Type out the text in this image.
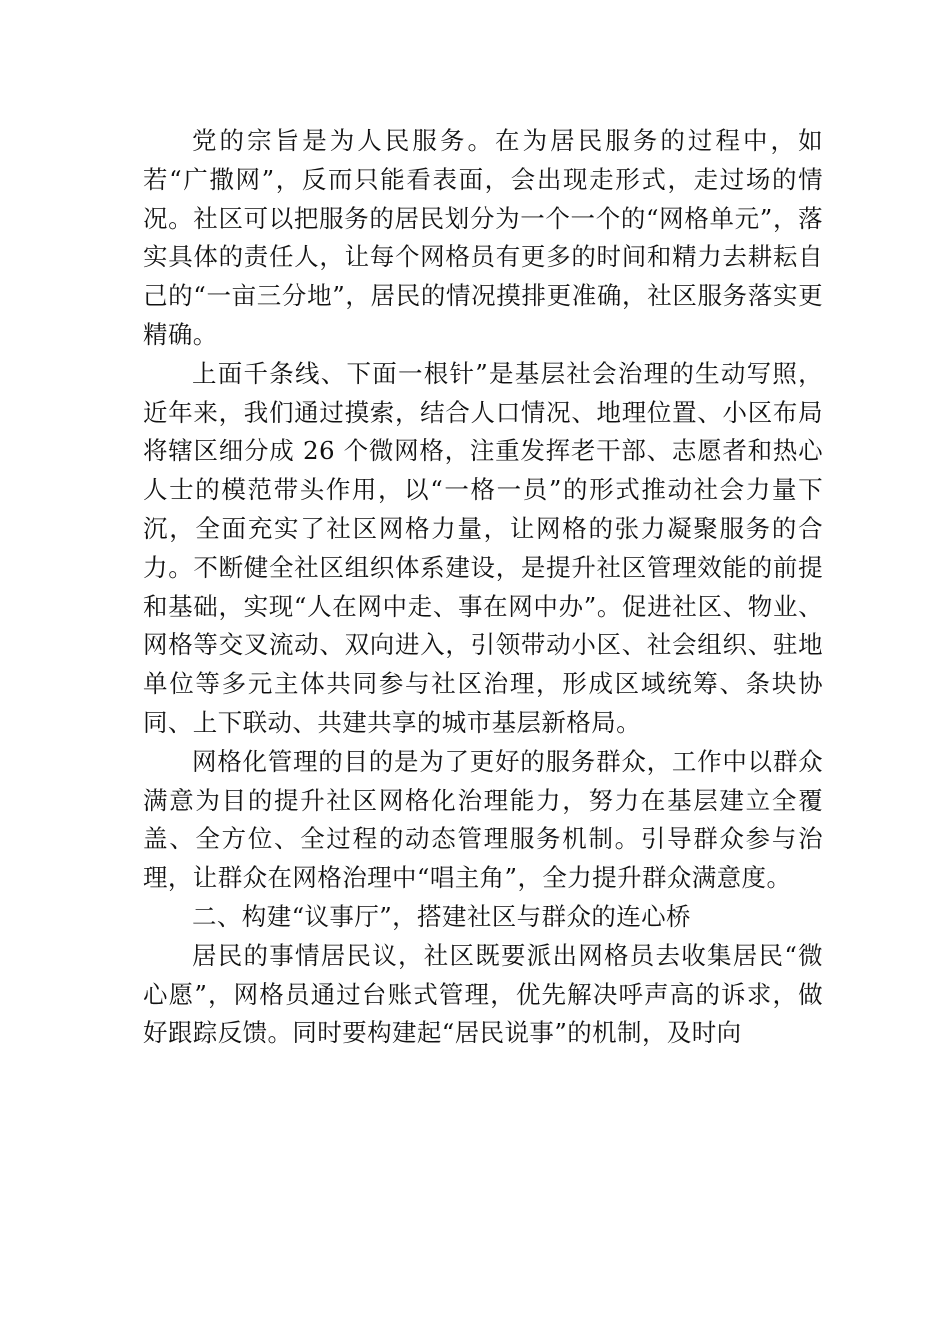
党的宗旨是为人民服务。在为居民服务的过程中，如若“广撒网”，反而只能看表面，会出现走形式，走过场的情况。社区可以把服务的居民划分为一个一个的“网格单元”，落实具体的责任人，让每个网格员有更多的时间和精力去耕耘自己的“一亩三分地”，居民的情况摸排更准确，社区服务落实更精确。

上面千条线、下面一根针”是基层社会治理的生动写照，近年来，我们通过摸索，结合人口情况、地理位置、小区布局将辖区细分成 26 个微网格，注重发挥老干部、志愿者和热心人士的模范带头作用，以“一格一员”的形式推动社会力量下沉，全面充实了社区网格力量，让网格的张力凝聚服务的合力。不断健全社区组织体系建设，是提升社区管理效能的前提和基础，实现“人在网中走、事在网中办”。促进社区、物业、网格等交叉流动、双向进入，引领带动小区、社会组织、驻地单位等多元主体共同参与社区治理，形成区域统筹、条块协同、上下联动、共建共享的城市基层新格局。

网格化管理的目的是为了更好的服务群众，工作中以群众满意为目的提升社区网格化治理能力，努力在基层建立全覆盖、全方位、全过程的动态管理服务机制。引导群众参与治理，让群众在网格治理中“唱主角”，全力提升群众满意度。

二、构建“议事厅”，搭建社区与群众的连心桥

居民的事情居民议，社区既要派出网格员去收集居民“微心愿”，网格员通过台账式管理，优先解决呼声高的诉求，做好跟踪反馈。同时要构建起“居民说事”的机制，及时向
